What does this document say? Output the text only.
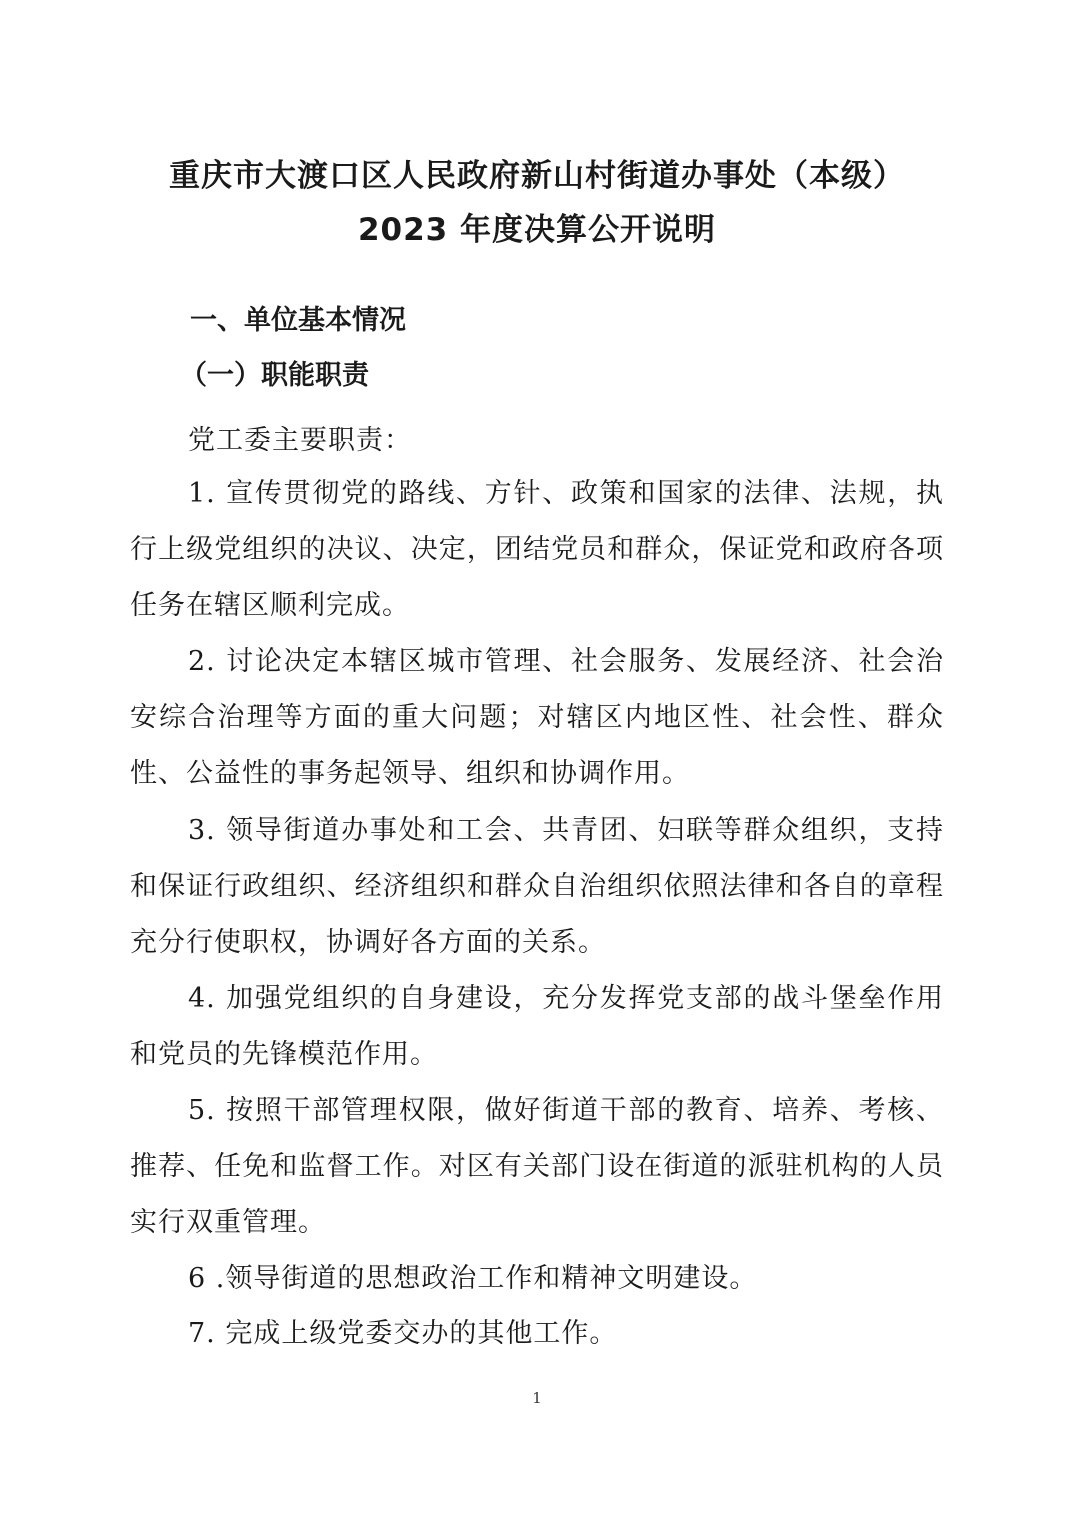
重庆市大渡口区人民政府新山村街道办事处（本级）
2023 年度决算公开说明
一、单位基本情况
（一）职能职责

党工委主要职责：

1. 宣传贯彻党的路线、方针、政策和国家的法律、法规，执行上级党组织的决议、决定，团结党员和群众，保证党和政府各项任务在辖区顺利完成。

2. 讨论决定本辖区城市管理、社会服务、发展经济、社会治安综合治理等方面的重大问题；对辖区内地区性、社会性、群众性、公益性的事务起领导、组织和协调作用。

3. 领导街道办事处和工会、共青团、妇联等群众组织，支持和保证行政组织、经济组织和群众自治组织依照法律和各自的章程充分行使职权，协调好各方面的关系。

4. 加强党组织的自身建设，充分发挥党支部的战斗堡垒作用和党员的先锋模范作用。

5. 按照干部管理权限，做好街道干部的教育、培养、考核、推荐、任免和监督工作。对区有关部门设在街道的派驻机构的人员实行双重管理。

6 .领导街道的思想政治工作和精神文明建设。

7. 完成上级党委交办的其他工作。

1
